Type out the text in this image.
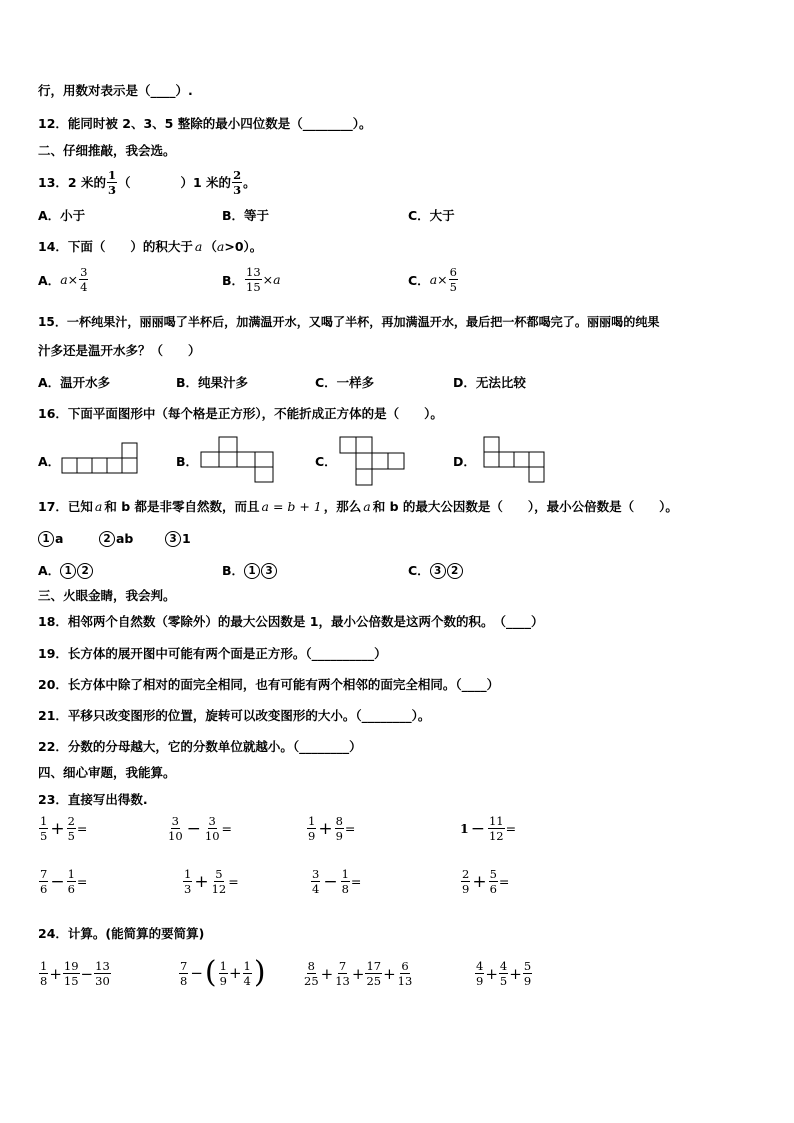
行，用数对表示是（____）.
12．能同时被 2、3、5 整除的最小四位数是（________）。
二、仔细推敲，我会选。
13． 2 米的 $\frac{1}{3}$ （　　　　） 1 米的 $\frac{2}{3}$ 。
A．小于	B．等于	C．大于
14． 下面（　　）的积大于 a （ a >0）。
A． $a \times \frac{3}{4}$	B． $\frac{13}{15} \times a$	C． $a \times \frac{6}{5}$
15．一杯纯果汁，丽丽喝了半杯后，加满温开水，又喝了半杯，再加满温开水，最后把一杯都喝完了。丽丽喝的纯果
汁多还是温开水多？（　　）
A．温开水多	B．纯果汁多	C．一样多	D．无法比较
16．下面平面图形中（每个格是正方形），不能折成正方体的是（　　）。
A．	B．	C．	D．
17．已知 a 和 b 都是非零自然数，而且 a = b + 1 ，那么 a 和 b 的最大公因数是（　　），最小公倍数是（　　）。
1 a	2 ab	3 1
A． 1 2	B． 1 3	C． 3 2
三、火眼金睛，我会判。
18．相邻两个自然数（零除外）的最大公因数是 1，最小公倍数是这两个数的积。　（____）
19．长方体的展开图中可能有两个面是正方形。（__________）
20．长方体中除了相对的面完全相同，也有可能有两个相邻的面完全相同。（____）
21．平移只改变图形的位置，旋转可以改变图形的大小。（________）。
22．分数的分母越大，它的分数单位就越小。（________）
四、细心审题，我能算。
23．直接写出得数.
$\frac{1}{5} + \frac{2}{5}$ =	$\frac{3}{10} - \frac{3}{10}$ =	$\frac{1}{9} + \frac{8}{9}$ =	$1 - \frac{11}{12}$ =
$\frac{7}{6} - \frac{1}{6}$ =	$\frac{1}{3} + \frac{5}{12}$ =	$\frac{3}{4} - \frac{1}{8}$ =	$\frac{2}{9} + \frac{5}{6}$ =
24．计算。(能简算的要简算)
$\frac{1}{8} + \frac{19}{15} - \frac{13}{30}$	$\frac{7}{8}$ − ( $\frac{1}{9} + \frac{1}{4}$ )	$\frac{8}{25} + \frac{7}{13} + \frac{17}{25} + \frac{6}{13}$	$\frac{4}{9} + \frac{4}{5} + \frac{5}{9}$
